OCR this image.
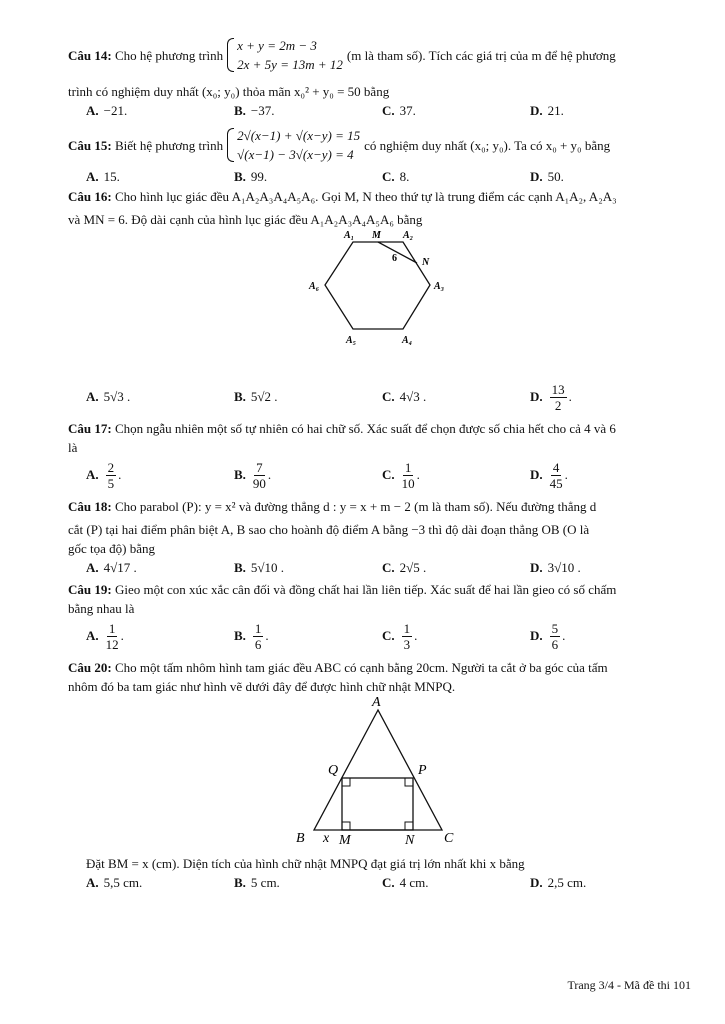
Câu 14:
Cho hệ phương trình
x + y = 2m − 3
2x + 5y = 13m + 12
(m là tham số). Tích các giá trị của m để hệ phương
trình có nghiệm duy nhất (x₀; y₀) thỏa mãn x₀² + y₀ = 50 bằng
A. −21.	B. −37.	C. 37.	D. 21.
Câu 15:
Biết hệ phương trình
2√(x−1) + √(x−y) = 15
√(x−1) − 3√(x−y) = 4
có nghiệm duy nhất (x₀; y₀). Ta có x₀ + y₀ bằng
A. 15.	B. 99.	C. 8.	D. 50.
Câu 16: Cho hình lục giác đều A₁A₂A₃A₄A₅A₆. Gọi M, N theo thứ tự là trung điểm các cạnh A₁A₂, A₂A₃
và MN = 6. Độ dài cạnh của hình lục giác đều A₁A₂A₃A₄A₅A₆ bằng
A₁ M A₂
6	N
A₃
A₆
A₅	A₄
A. 5√3 .	B. 5√2 .	C. 4√3 .	D. $\frac{13}{2}$ .
Câu 17: Chọn ngẫu nhiên một số tự nhiên có hai chữ số. Xác suất để chọn được số chia hết cho cả 4 và 6
là
A. $\frac{2}{5}$ .	B. $\frac{7}{90}$ .	C. $\frac{1}{10}$ .	D. $\frac{4}{45}$ .
Câu 18: Cho parabol (P): y = x² và đường thẳng d : y = x + m − 2 (m là tham số). Nếu đường thẳng d
cắt (P) tại hai điểm phân biệt A, B sao cho hoành độ điểm A bằng −3 thì độ dài đoạn thẳng OB (O là
gốc tọa độ) bằng
A. 4√17 .	B. 5√10 .	C. 2√5 .	D. 3√10 .
Câu 19: Gieo một con xúc xắc cân đối và đồng chất hai lần liên tiếp. Xác suất để hai lần gieo có số chấm
bằng nhau là
A. $\frac{1}{12}$ .	B. $\frac{1}{6}$ .	C. $\frac{1}{3}$ .	D. $\frac{5}{6}$ .
Câu 20: Cho một tấm nhôm hình tam giác đều ABC có cạnh bằng 20cm. Người ta cắt ở ba góc của tấm
nhôm đó ba tam giác như hình vẽ dưới đây để được hình chữ nhật MNPQ.
A
Q	P
B x M	N C
Đặt BM = x (cm). Diện tích của hình chữ nhật MNPQ đạt giá trị lớn nhất khi x bằng
A. 5,5 cm.	B. 5 cm.	C. 4 cm.	D. 2,5 cm.
Trang 3/4 - Mã đề thi 101
